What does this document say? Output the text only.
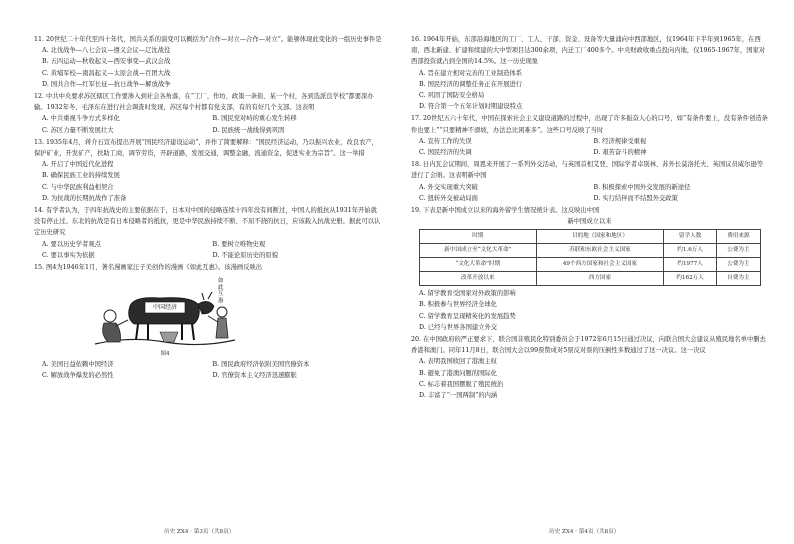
11. 20世纪二十年代至四十年代，国共关系的演变可以概括为“合作—对立—合作—对立”。能够体现此变化的一组历史事件是
A. 北伐战争—八七会议—遵义会议—辽沈战役
B. 五四运动—秋收起义—西安事变—武汉会战
C. 黄埔军校—南昌起义—太原会战—百团大战
D. 国共合作—红军长征—抗日战争—解放战争
12. 中共中央要求苏区辖区工作要渗入到社会各角落，在“工厂、作坊、政策一条街、某一个村，各到选派良学校”都要深办输。1932年冬，毛泽东在进行社会调查时发现，苏区每个村都有党支部，有的有好几个支部。这表明
A. 中共重视斗争方式多样化	B. 国民党对峙的重心发生转移
C. 苏区力量不断发展壮大	D. 民族统一战线得到巩固
13. 1935年4月，蒋介石宣布提出开展“国民经济建设运动”，并作了简要解释：“国民经济运动，乃以振兴农业，改良农产，保护矿业，开发矿产，扶助工商，调节劳资，开辟道路，发展交通，调整金融，流通资金，促进实业为宗旨”。这一举措
A. 开启了中国近代化进程
B. 确保民族工业的持续发展
C. 与中华民族利益相契合
D. 为抗战的长期抗战作了准备
14. 有学者认为，于四年抗战史的主要依据在于，日本对中国的侵略连续十四年没有间断过，中国人的抵抗从1931年开始就没有停止过。东北的抗战是有日本侵略者的抵抗，更是中华民族持续不断、不屈不挠的抗日，应该载入抗战史册。据此可以认定历史研究
A. 要以历史学者观点	B. 要树立唯物史观
C. 要以事实为依据	D. 不能论原历史的原貌
15. 图4为1946年1月，著名漫画家汪子美创作的漫画《如此互惠》。该漫画反映出
中国经济
如此互惠
图4
A. 美国日益依赖中国经济	B. 国民政府经济依附美国官僚资本
C. 解放战争爆发的必然性	D. 官僚资本主义经济迅速膨胀
历史 ZX4 · 第3页（共8页）
16. 1964年开始，东部沿海地区的工厂、工人、干部、资金、设备等大量涌向中西部地区，仅1964年下半年到1965年，在西南、西北新建、扩建和续建的大中型项目达300余项，内迁工厂400多个。中央财政收重点投向内地，仅1965-1967年，国家对西部投资就占到全国的14.5%。这一历史现象
A. 旨在建立相对完善的工业制造体系
B. 国民经济的调整任务正在开展进行
C. 巩固了国防安全格局
D. 符合第一个五年计划时期建设特点
17. 20世纪五六十年代，中国在探索社会主义建设道路的过程中，出现了许多振奋人心的口号，如“有条件要上，没有条件创造条件也要上”“只要精神不滑坡，办法总比困难多”。这些口号反映了当时
A. 宣传工作的失误	B. 经济规律受重视
C. 国民经济的失调	D. 艰苦奋斗的精神
18. 日内瓦会议期间，周恩来开展了一系列外交活动，与英国首相艾登、国际学者卓别林、苏外长莫洛托夫、英国议员威尔逊等进行了会晤。这表明新中国
A. 外交实现重大突破	B. 积极探索中国外交发展的新途径
C. 扭转外交被动局面	D. 实行结伴而不结盟外交政策
19. 下表是新中国成立以来的海外留学生情况统计表。这反映出中国
新中国成立以来
时期	目的地（国家和地区）	留学人数	费用来源
新中国成立至“文化大革命”	苏联和东欧社会主义国家	约1.6万人	公费为主
“文化大革命”时期	49个西方国家和社会主义国家	约1977人	公费为主
改革开放以来	西方国家	约162万人	自费为主
A. 留学教育受国家对外政策的影响
B. 积极参与世界经济全球化
C. 留学教育呈现精英化的发展趋势
D. 已经与世界各国建立外交
20. 在中国政府的严正要求下，联合国非殖民化特别委员会于1972年6月15日通过决议，向联合国大会建议从殖民地名单中删去香港和澳门。同年11月8日，联合国大会以99票赞成对5票反对票的压倒性多数通过了这一决议。这一决议
A. 表明我国收回了港澳主权
B. 避免了港澳问题的国际化
C. 标志着我国摆脱了殖民统治
D. 丰富了“一国两制”的内涵
历史 ZX4 · 第4页（共8页）
